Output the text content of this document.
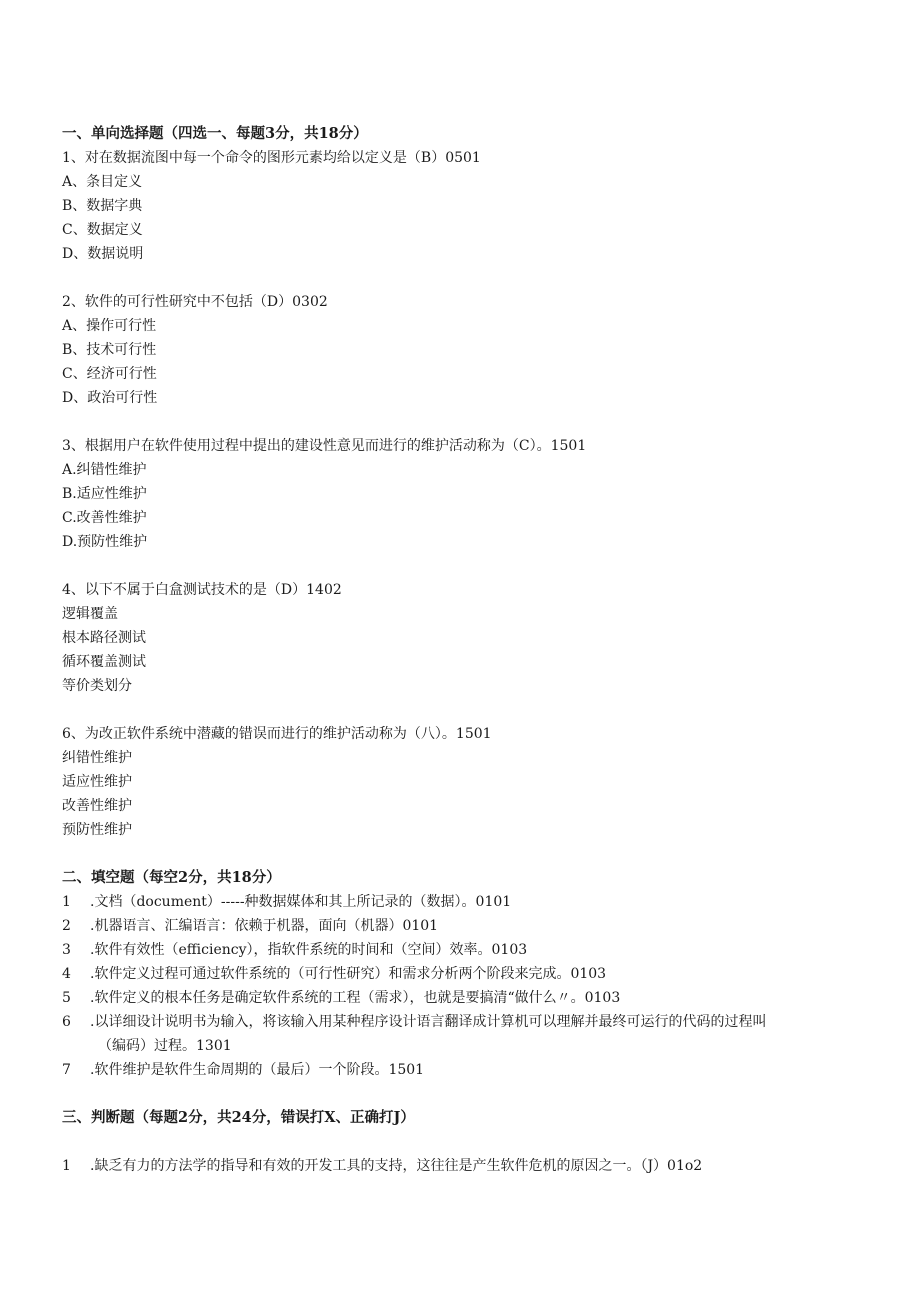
一、单向选择题（四选一、每题3分，共18分）
1、对在数据流图中每一个命令的图形元素均给以定义是（B）0501
A、条目定义
B、数据字典
C、数据定义
D、数据说明
2、软件的可行性研究中不包括（D）0302
A、操作可行性
B、技术可行性
C、经济可行性
D、政治可行性
3、根据用户在软件使用过程中提出的建设性意见而进行的维护活动称为（C）。1501
A.纠错性维护
B.适应性维护
C.改善性维护
D.预防性维护
4、以下不属于白盒测试技术的是（D）1402
逻辑覆盖
根本路径测试
循环覆盖测试
等价类划分
6、为改正软件系统中潜藏的错误而进行的维护活动称为（八）。1501
纠错性维护
适应性维护
改善性维护
预防性维护
二、填空题（每空2分，共18分）
1 .文档（document）-----种数据媒体和其上所记录的（数据）。0101
2 .机器语言、汇编语言：依赖于机器，面向（机器）0101
3 .软件有效性（efficiency），指软件系统的时间和（空间）效率。0103
4 .软件定义过程可通过软件系统的（可行性研究）和需求分析两个阶段来完成。0103
5 .软件定义的根本任务是确定软件系统的工程（需求），也就是要搞清“做什么〃。0103
6 .以详细设计说明书为输入，将该输入用某种程序设计语言翻译成计算机可以理解并最终可运行的代码的过程叫
（编码）过程。1301
7 .软件维护是软件生命周期的（最后）一个阶段。1501
三、判断题（每题2分，共24分，错误打X、正确打J）
1 .缺乏有力的方法学的指导和有效的开发工具的支持，这往往是产生软件危机的原因之一。（J）01o2
